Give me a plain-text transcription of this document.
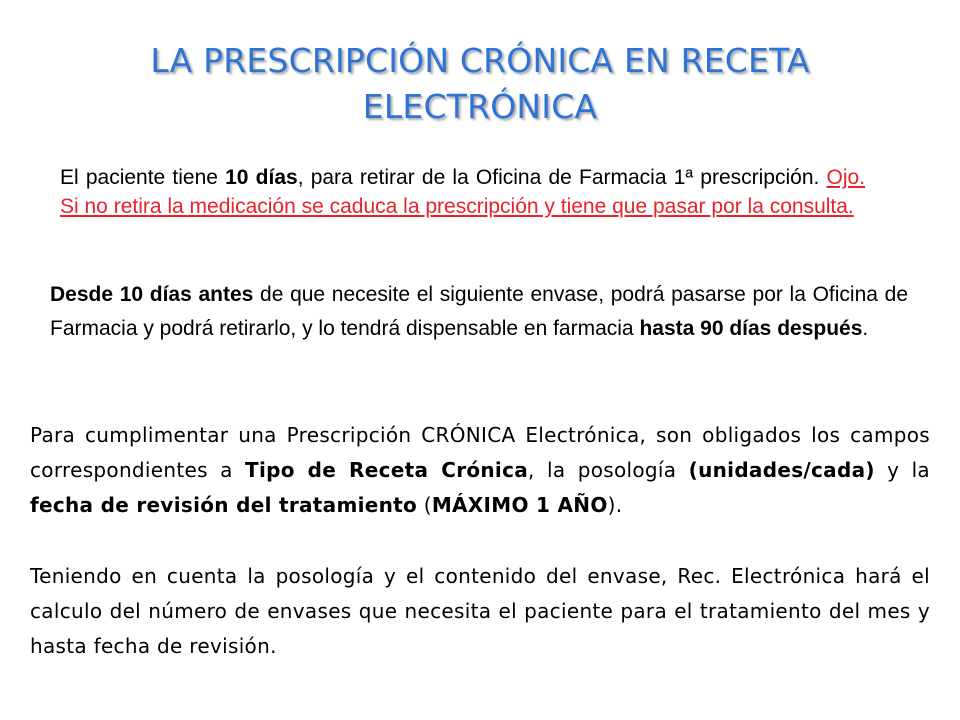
LA PRESCRIPCIÓN CRÓNICA EN RECETA
ELECTRÓNICA

El paciente tiene 10 días, para retirar de la Oficina de Farmacia 1ª prescripción. Ojo. Si no retira la medicación se caduca la prescripción y tiene que pasar por la consulta.

Desde 10 días antes de que necesite el siguiente envase, podrá pasarse por la Oficina de Farmacia y podrá retirarlo, y lo tendrá dispensable en farmacia hasta 90 días después.

Para cumplimentar una Prescripción CRÓNICA Electrónica, son obligados los campos correspondientes a Tipo de Receta Crónica, la posología (unidades/cada) y la fecha de revisión del tratamiento (MÁXIMO 1 AÑO).

Teniendo en cuenta la posología y el contenido del envase, Rec. Electrónica hará el calculo del número de envases que necesita el paciente para el tratamiento del mes y hasta fecha de revisión.
